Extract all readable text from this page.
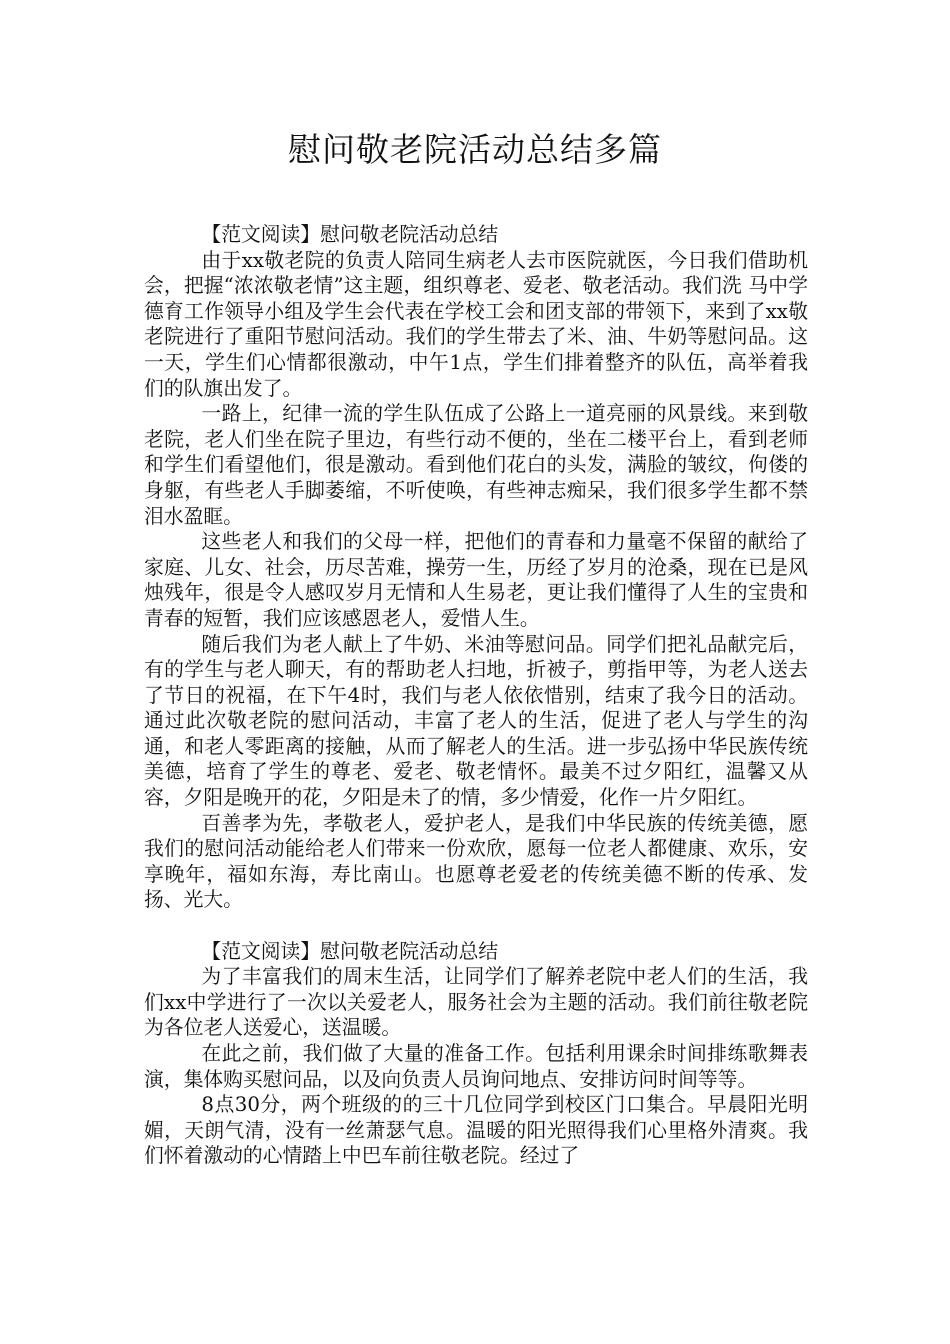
慰问敬老院活动总结多篇

【范文阅读】慰问敬老院活动总结

由于xx敬老院的负责人陪同生病老人去市医院就医，今日我们借助机会，把握“浓浓敬老情”这主题，组织尊老、爱老、敬老活动。我们洗 马中学德育工作领导小组及学生会代表在学校工会和团支部的带领下，来到了xx敬老院进行了重阳节慰问活动。我们的学生带去了米、油、牛奶等慰问品。这一天，学生们心情都很激动，中午1点，学生们排着整齐的队伍，高举着我们的队旗出发了。

一路上，纪律一流的学生队伍成了公路上一道亮丽的风景线。来到敬老院，老人们坐在院子里边，有些行动不便的，坐在二楼平台上，看到老师和学生们看望他们，很是激动。看到他们花白的头发，满脸的皱纹，佝偻的身躯，有些老人手脚萎缩，不听使唤，有些神志痴呆，我们很多学生都不禁泪水盈眶。

这些老人和我们的父母一样，把他们的青春和力量毫不保留的献给了家庭、儿女、社会，历尽苦难，操劳一生，历经了岁月的沧桑，现在已是风烛残年，很是令人感叹岁月无情和人生易老，更让我们懂得了人生的宝贵和青春的短暂，我们应该感恩老人，爱惜人生。

随后我们为老人献上了牛奶、米油等慰问品。同学们把礼品献完后，有的学生与老人聊天，有的帮助老人扫地，折被子，剪指甲等，为老人送去了节日的祝福，在下午4时，我们与老人依依惜别，结束了我今日的活动。通过此次敬老院的慰问活动，丰富了老人的生活，促进了老人与学生的沟通，和老人零距离的接触，从而了解老人的生活。进一步弘扬中华民族传统美德，培育了学生的尊老、爱老、敬老情怀。最美不过夕阳红，温馨又从容，夕阳是晚开的花，夕阳是未了的情，多少情爱，化作一片夕阳红。

百善孝为先，孝敬老人，爱护老人，是我们中华民族的传统美德，愿我们的慰问活动能给老人们带来一份欢欣，愿每一位老人都健康、欢乐，安享晚年，福如东海，寿比南山。也愿尊老爱老的传统美德不断的传承、发扬、光大。

【范文阅读】慰问敬老院活动总结

为了丰富我们的周末生活，让同学们了解养老院中老人们的生活，我们xx中学进行了一次以关爱老人，服务社会为主题的活动。我们前往敬老院为各位老人送爱心，送温暖。

在此之前，我们做了大量的准备工作。包括利用课余时间排练歌舞表演，集体购买慰问品，以及向负责人员询问地点、安排访问时间等等。

8点30分，两个班级的的三十几位同学到校区门口集合。早晨阳光明媚，天朗气清，没有一丝萧瑟气息。温暖的阳光照得我们心里格外清爽。我们怀着激动的心情踏上中巴车前往敬老院。经过了
